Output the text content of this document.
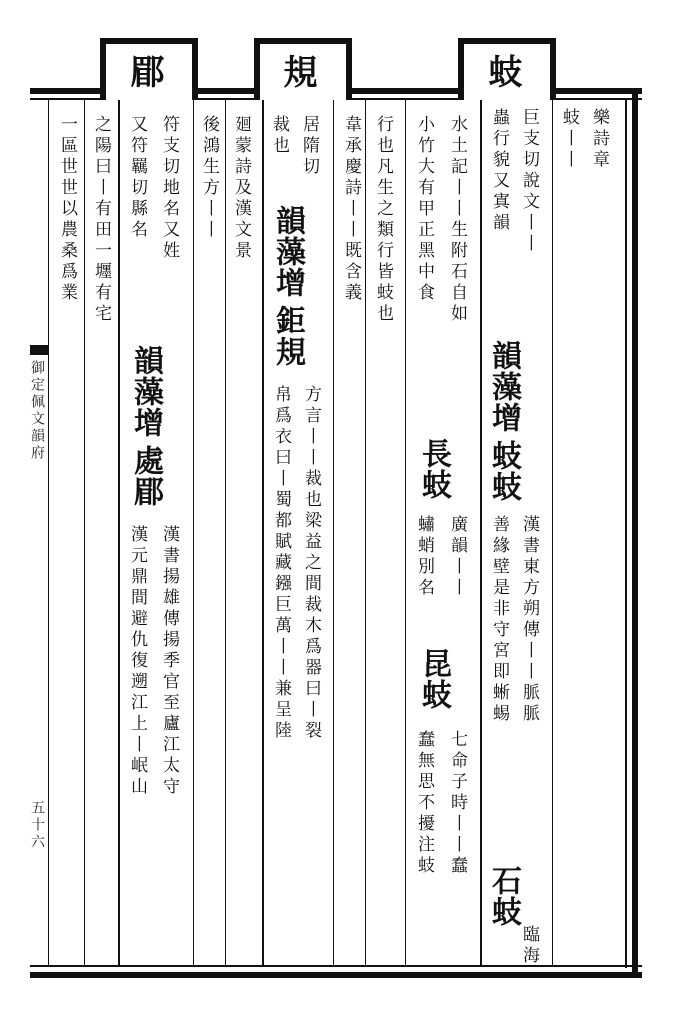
蚑
規
郿
樂詩章
蚑丨丨
巨支切說文丨丨
蟲行貌又寘韻
韻藻增
蚑蚑
漢書東方朔傳丨丨脈脈
善緣壁是非守宮即蜥蜴
石蚑
臨海
水土記丨丨生附石自如
小竹大有甲正黑中食
長蚑
廣韻丨丨
蟰蛸別名
昆蚑
七命子時丨丨蠢
蠢無思不擾注蚑
行也凡生之類行皆蚑也
韋承慶詩丨丨既含義
居隋切
裁也
韻藻增
鉅規
方言丨丨裁也梁益之間裁木爲器曰丨裂
帛爲衣曰丨蜀都賦藏鏹巨萬丨丨兼呈陸
廻蒙詩及漢文景
後鴻生方丨丨
符支切地名又姓
又符羈切縣名
韻藻增
處郿
漢書揚雄傳揚季官至廬江太守
漢元鼎間避仇復遡江上丨岷山
之陽曰丨有田一壥有宅
一區世世以農桑爲業
御定佩文韻府
五十六
